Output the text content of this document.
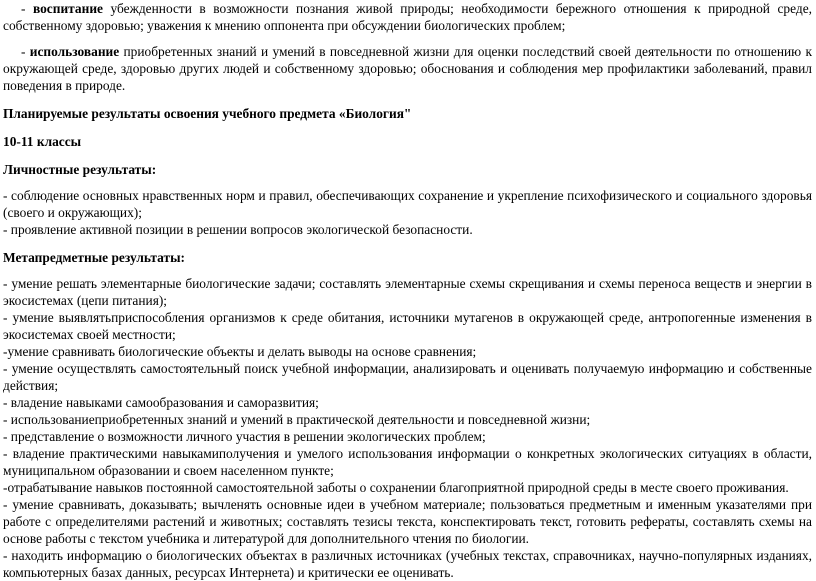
- воспитание убежденности в возможности познания живой природы; необходимости бережного отношения к природной среде, собственному здоровью; уважения к мнению оппонента при обсуждении биологических проблем;

- использование приобретенных знаний и умений в повседневной жизни для оценки последствий своей деятельности по отношению к окружающей среде, здоровью других людей и собственному здоровью; обоснования и соблюдения мер профилактики заболеваний, правил поведения в природе.

Планируемые результаты освоения учебного предмета «Биология"

10-11 классы

Личностные результаты:

- соблюдение основных нравственных норм и правил, обеспечивающих сохранение и укрепление психофизического и социального здоровья (своего и окружающих);

- проявление активной позиции в решении вопросов экологической безопасности.

Метапредметные результаты:

- умение решать элементарные биологические задачи; составлять элементарные схемы скрещивания и схемы переноса веществ и энергии в экосистемах (цепи питания);

- умение выявлятьприспособления организмов к среде обитания, источники мутагенов в окружающей среде, антропогенные изменения в экосистемах своей местности;

-умение сравнивать биологические объекты и делать выводы на основе сравнения;

- умение осуществлять самостоятельный поиск учебной информации, анализировать и оценивать получаемую информацию и собственные действия;

- владение навыками самообразования и саморазвития;

- использованиеприобретенных знаний и умений в практической деятельности и повседневной жизни;

- представление о возможности личного участия в решении экологических проблем;

- владение практическими навыкамиполучения и умелого использования информации о конкретных экологических ситуациях в области, муниципальном образовании и своем населенном пункте;

-отрабатывание навыков постоянной самостоятельной заботы о сохранении благоприятной природной среды в месте своего проживания.

- умение сравнивать, доказывать; вычленять основные идеи в учебном материале; пользоваться предметным и именным указателями при работе с определителями растений и животных; составлять тезисы текста, конспектировать текст, готовить рефераты, составлять схемы на основе работы с текстом учебника и литературой для дополнительного чтения по биологии.

- находить информацию о биологических объектах в различных источниках (учебных текстах, справочниках, научно-популярных изданиях, компьютерных базах данных, ресурсах Интернета) и критически ее оценивать.
